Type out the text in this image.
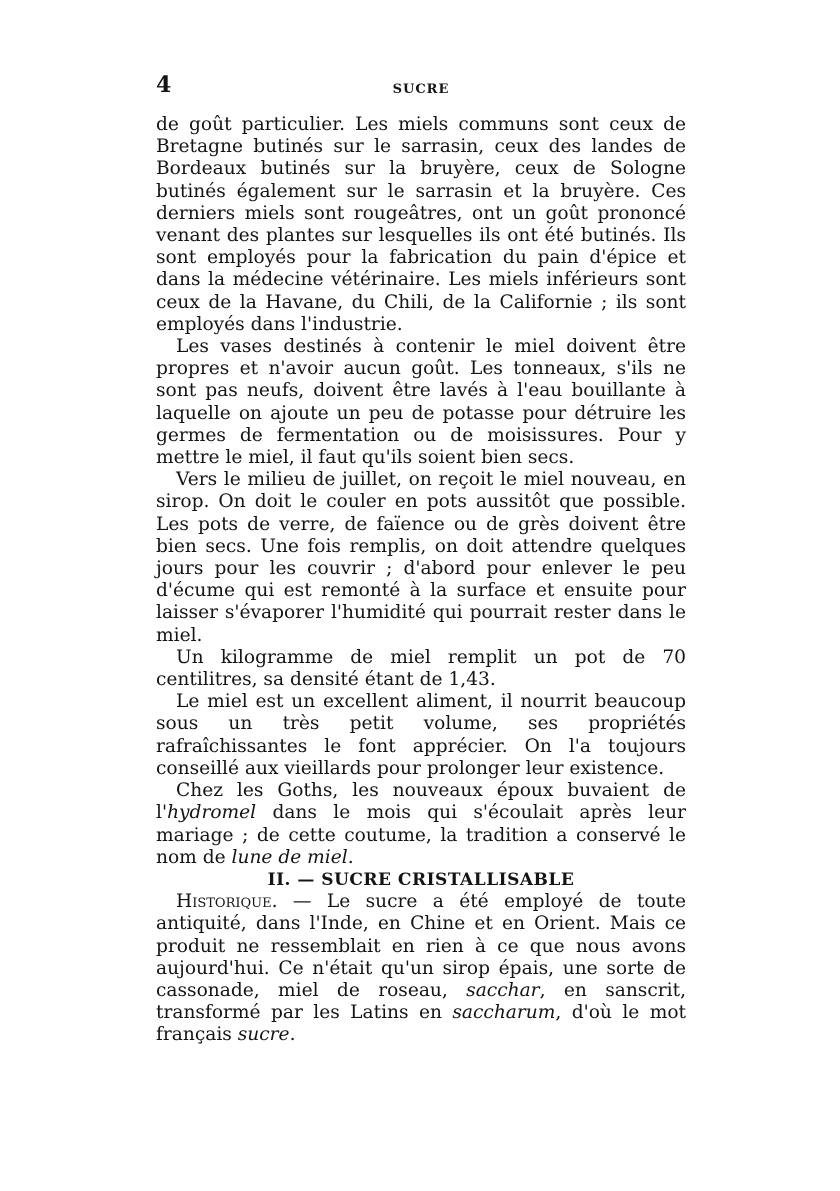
4	SUCRE

de goût particulier. Les miels communs sont ceux de Bretagne butinés sur le sarrasin, ceux des landes de Bordeaux butinés sur la bruyère, ceux de Sologne butinés également sur le sarrasin et la bruyère. Ces derniers miels sont rougeâtres, ont un goût prononcé venant des plantes sur lesquelles ils ont été butinés. Ils sont employés pour la fabrication du pain d'épice et dans la médecine vétérinaire. Les miels inférieurs sont ceux de la Havane, du Chili, de la Californie ; ils sont employés dans l'industrie.

Les vases destinés à contenir le miel doivent être propres et n'avoir aucun goût. Les tonneaux, s'ils ne sont pas neufs, doivent être lavés à l'eau bouillante à laquelle on ajoute un peu de potasse pour détruire les germes de fermentation ou de moisissures. Pour y mettre le miel, il faut qu'ils soient bien secs.

Vers le milieu de juillet, on reçoit le miel nouveau, en sirop. On doit le couler en pots aussitôt que possible. Les pots de verre, de faïence ou de grès doivent être bien secs. Une fois remplis, on doit attendre quelques jours pour les couvrir ; d'abord pour enlever le peu d'écume qui est remonté à la surface et ensuite pour laisser s'évaporer l'humidité qui pourrait rester dans le miel.

Un kilogramme de miel remplit un pot de 70 centilitres, sa densité étant de 1,43.

Le miel est un excellent aliment, il nourrit beaucoup sous un très petit volume, ses propriétés rafraîchissantes le font apprécier. On l'a toujours conseillé aux vieillards pour prolonger leur existence.

Chez les Goths, les nouveaux époux buvaient de l'hydromel dans le mois qui s'écoulait après leur mariage ; de cette coutume, la tradition a conservé le nom de lune de miel.

II. — SUCRE CRISTALLISABLE

Historique. — Le sucre a été employé de toute antiquité, dans l'Inde, en Chine et en Orient. Mais ce produit ne ressemblait en rien à ce que nous avons aujourd'hui. Ce n'était qu'un sirop épais, une sorte de cassonade, miel de roseau, sacchar, en sanscrit, transformé par les Latins en saccharum, d'où le mot français sucre.
